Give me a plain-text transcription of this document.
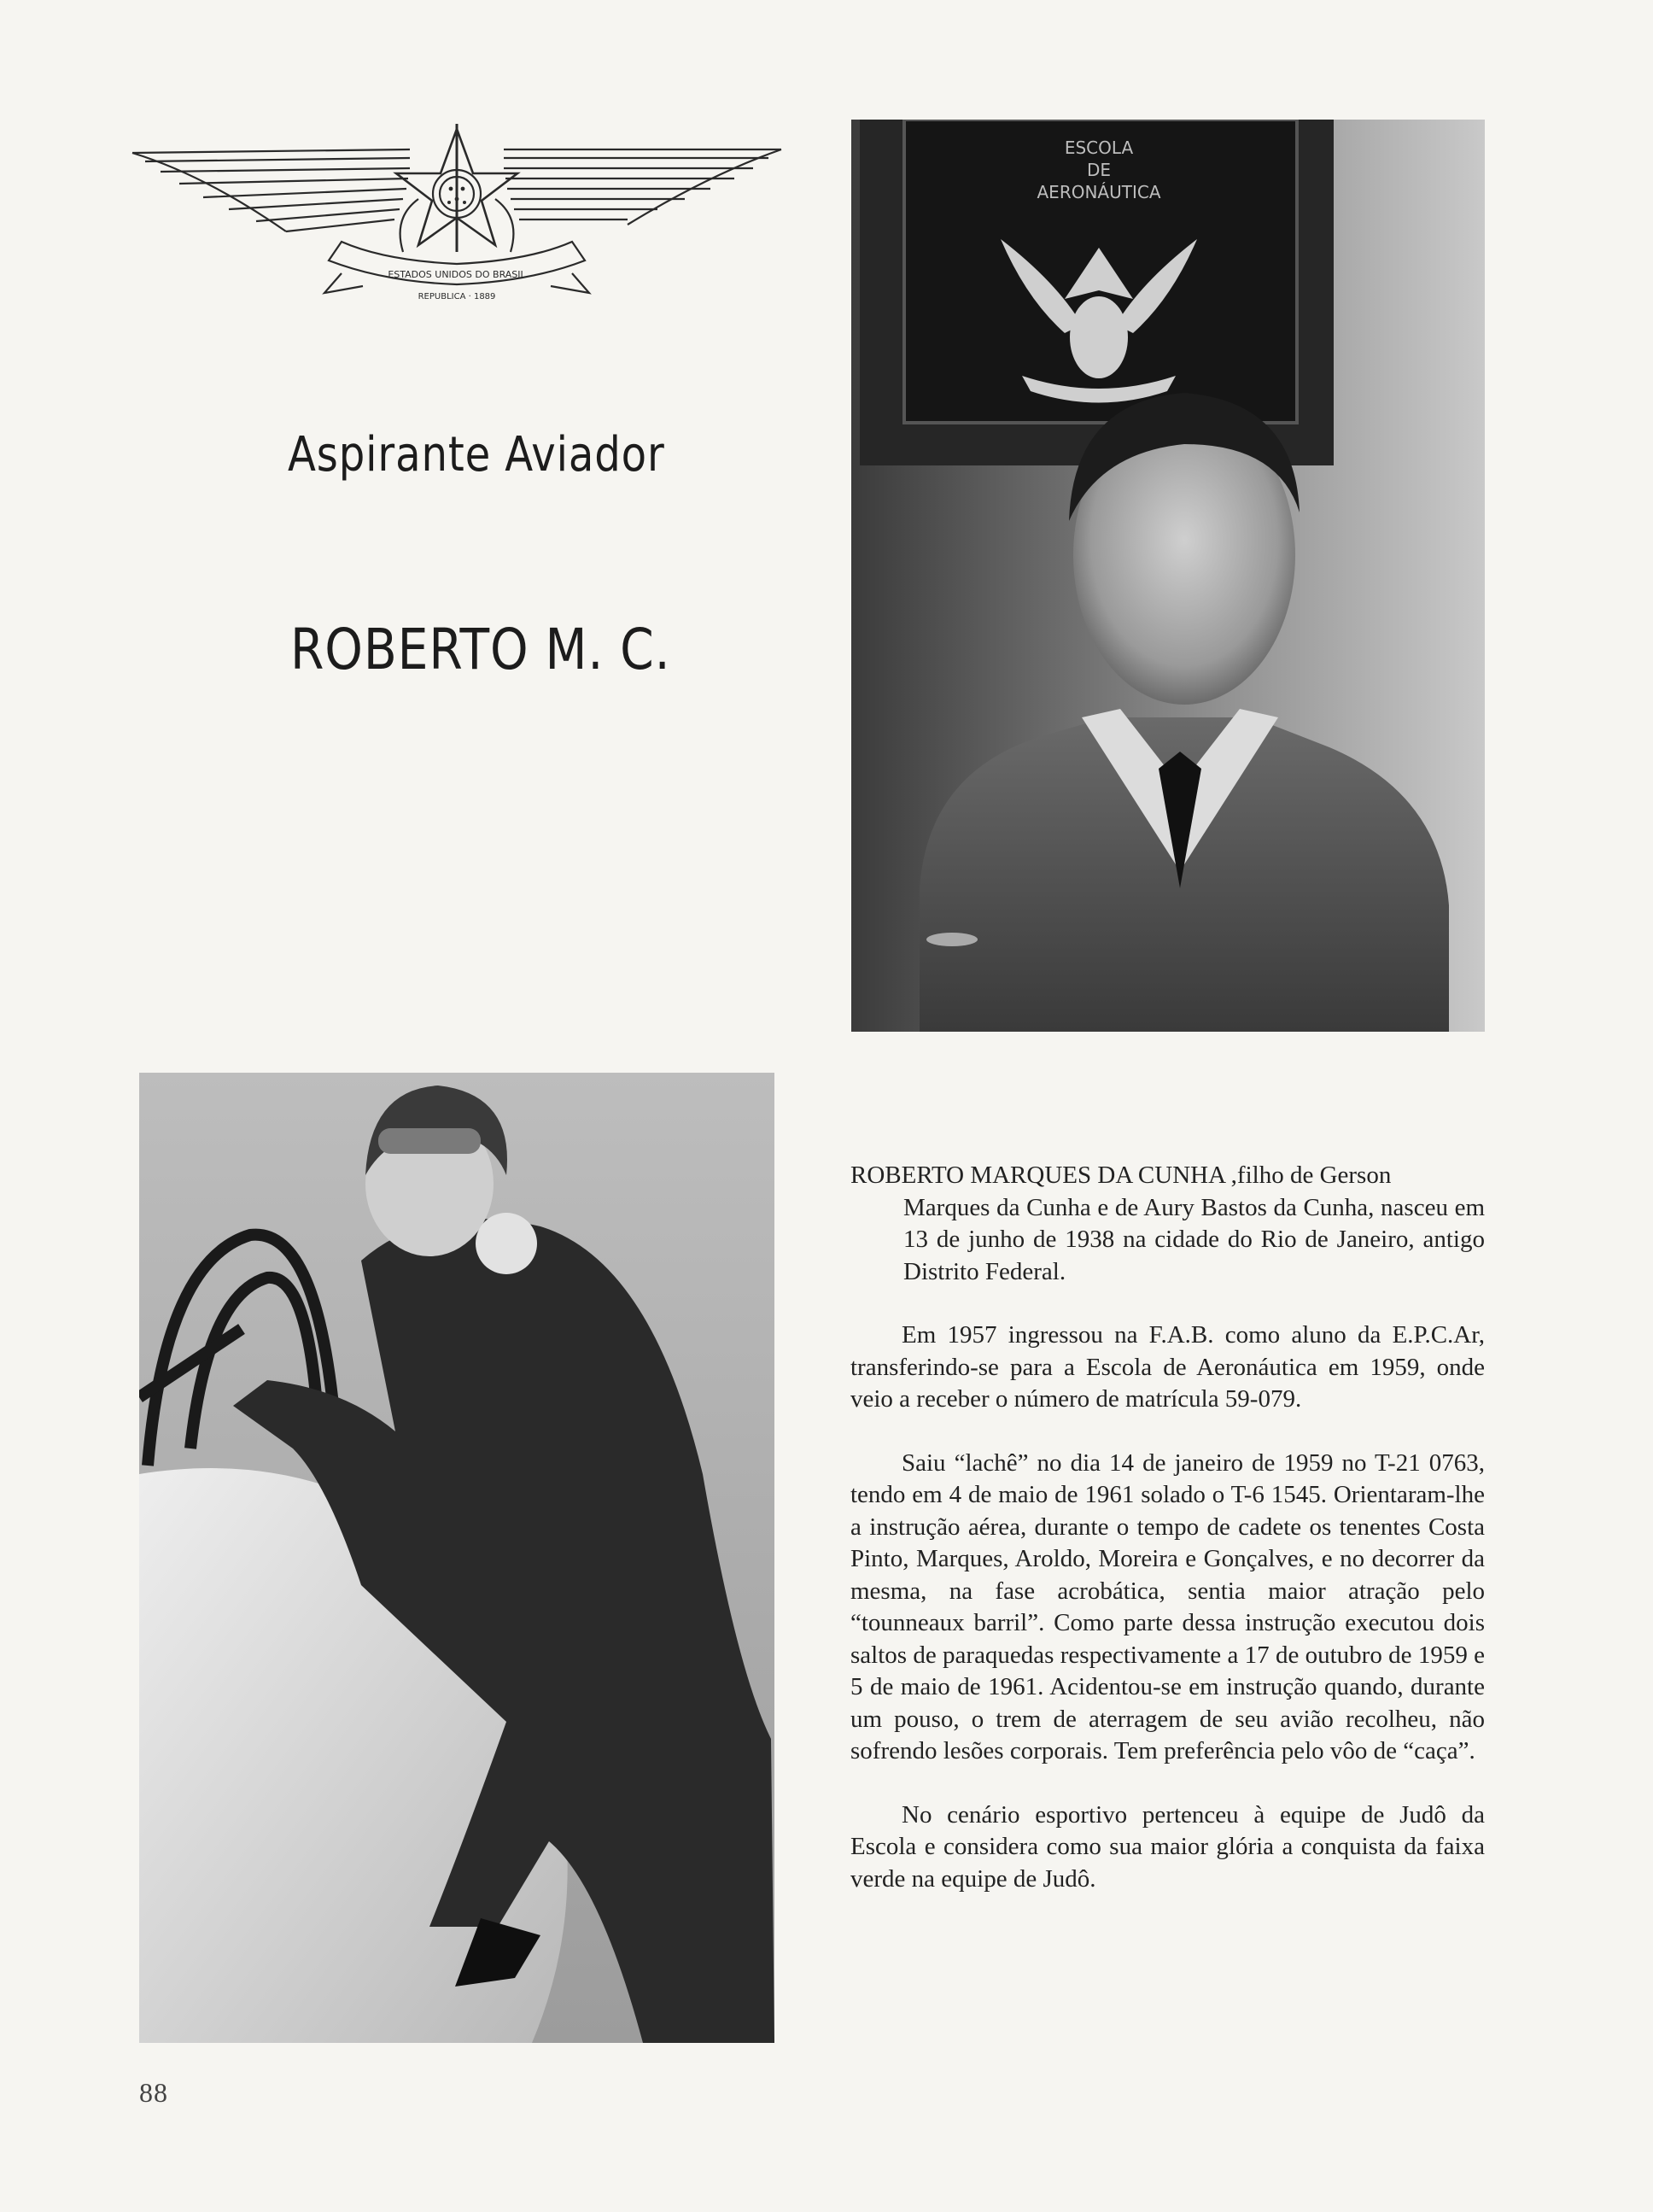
ESTADOS UNIDOS DO BRASIL
REPUBLICA · 1889
Aspirante Aviador
ROBERTO M. C.
ESCOLA
DE
AERONÁUTICA

ROBERTO MARQUES DA CUNHA ,filho de Gerson
Marques da Cunha e de Aury Bastos da Cunha, nasceu em 13 de junho de 1938 na cidade do Rio de Janeiro, antigo Distrito Federal.

Em 1957 ingressou na F.A.B. como aluno da E.P.C.Ar, transferindo-se para a Escola de Aeronáutica em 1959, onde veio a receber o número de matrícula 59-079.

Saiu “lachê” no dia 14 de janeiro de 1959 no T-21 0763, tendo em 4 de maio de 1961 solado o T-6 1545. Orientaram-lhe a instrução aérea, durante o tempo de cadete os tenentes Costa Pinto, Marques, Aroldo, Moreira e Gonçalves, e no decorrer da mesma, na fase acrobática, sentia maior atração pelo “tounneaux barril”. Como parte dessa instrução executou dois saltos de paraquedas respectivamente a 17 de outubro de 1959 e 5 de maio de 1961. Acidentou-se em instrução quando, durante um pouso, o trem de aterragem de seu avião recolheu, não sofrendo lesões corporais. Tem preferência pelo vôo de “caça”.

No cenário esportivo pertenceu à equipe de Judô da Escola e considera como sua maior glória a conquista da faixa verde na equipe de Judô.

88
